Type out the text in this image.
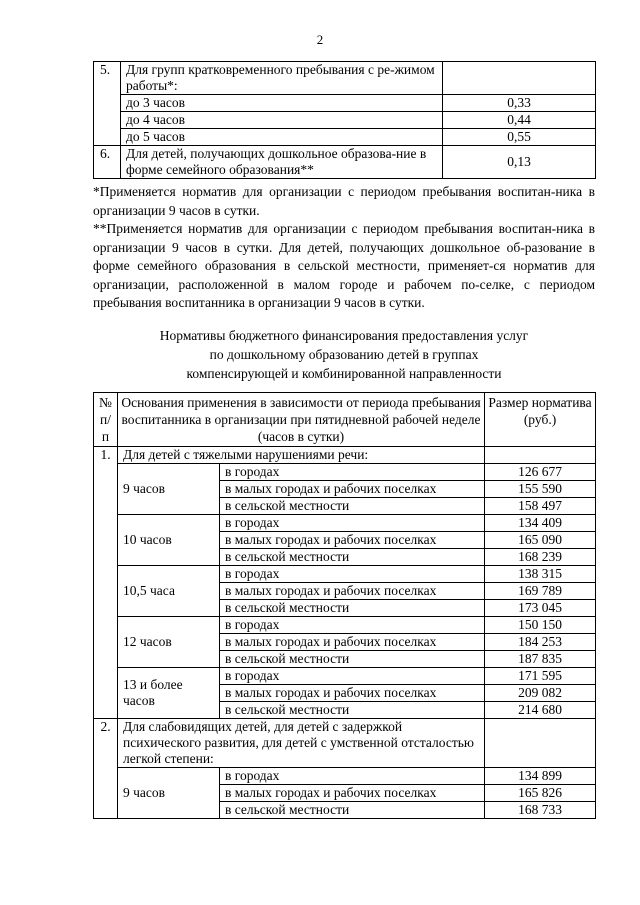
2
5.	Для групп кратковременного пребывания с ре-жимом работы*:	
	до 3 часов	0,33
	до 4 часов	0,44
	до 5 часов	0,55
6.	Для детей, получающих дошкольное образова-ние в форме семейного образования**	0,13

*Применяется норматив для организации с периодом пребывания воспитан-ника в организации 9 часов в сутки.

**Применяется норматив для организации с периодом пребывания воспитан-ника в организации 9 часов в сутки. Для детей, получающих дошкольное об-разование в форме семейного образования в сельской местности, применяет-ся норматив для организации, расположенной в малом городе и рабочем по-селке, с периодом пребывания воспитанника в организации 9 часов в сутки.

Нормативы бюджетного финансирования предоставления услуг

по дошкольному образованию детей в группах

компенсирующей и комбинированной направленности

№ п/п	Основания применения в зависимости от периода пребывания воспитанника в организации при пятидневной рабочей неделе (часов в сутки)		Размер норматива (руб.)
1.	Для детей с тяжелыми нарушениями речи:		
	9 часов	в городах	126 677
		в малых городах и рабочих поселках	155 590
		в сельской местности	158 497
	10 часов	в городах	134 409
		в малых городах и рабочих поселках	165 090
		в сельской местности	168 239
	10,5 часа	в городах	138 315
		в малых городах и рабочих поселках	169 789
		в сельской местности	173 045
	12 часов	в городах	150 150
		в малых городах и рабочих поселках	184 253
		в сельской местности	187 835
	13 и более часов	в городах	171 595
		в малых городах и рабочих поселках	209 082
		в сельской местности	214 680
2.	Для слабовидящих детей, для детей с задержкой психического развития, для детей с умственной отсталостью легкой степени:		
	9 часов	в городах	134 899
		в малых городах и рабочих поселках	165 826
		в сельской местности	168 733
